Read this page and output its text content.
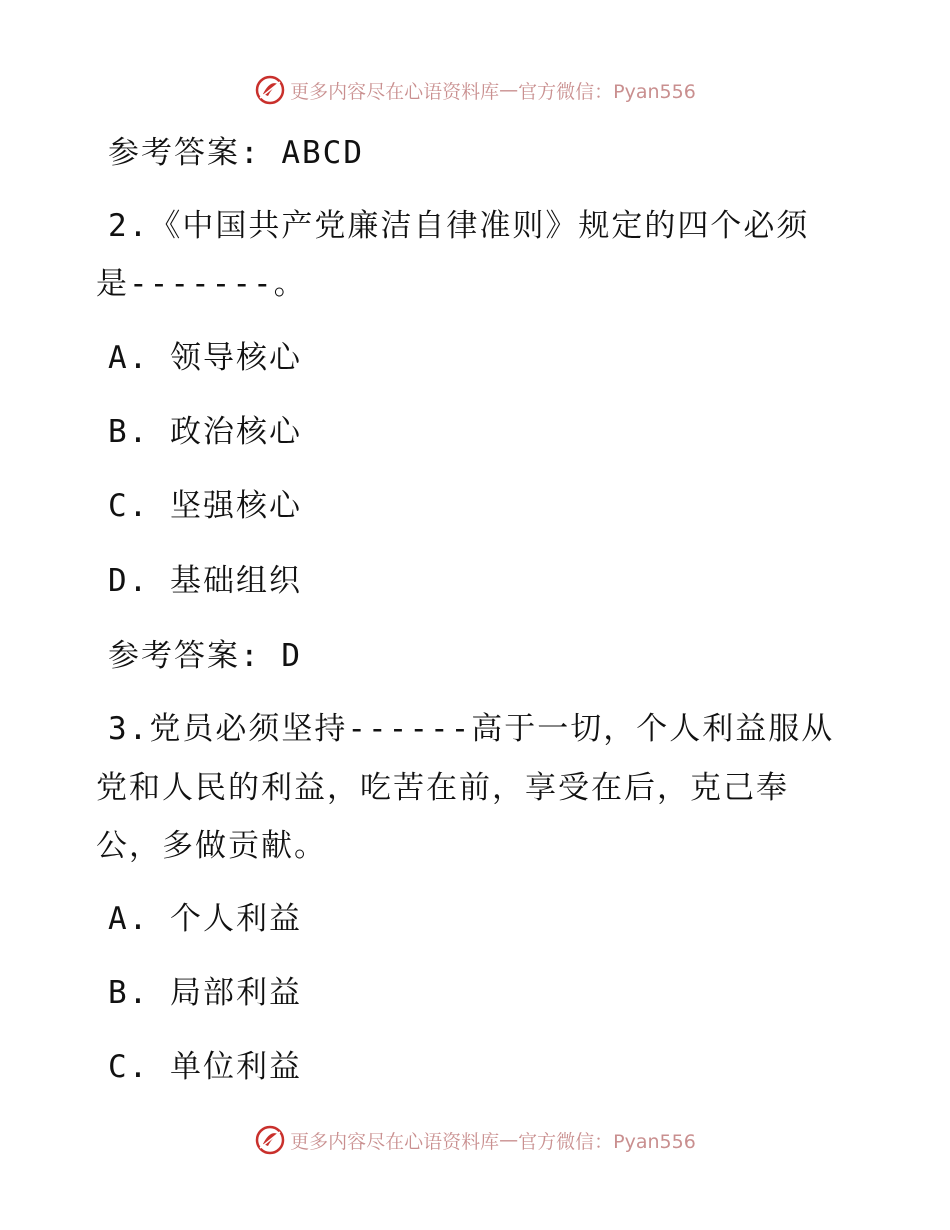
更多内容尽在心语资料库 — 官方微信：Pyan556
参考答案: ABCD
2.《中国共产党廉洁自律准则》规定的四个必须
是-------。
A. 领导核心
B. 政治核心
C. 坚强核心
D. 基础组织
参考答案: D
3.党员必须坚持------高于一切，个人利益服从
党和人民的利益，吃苦在前，享受在后，克己奉
公，多做贡献。
A. 个人利益
B. 局部利益
C. 单位利益
更多内容尽在心语资料库 — 官方微信：Pyan556
